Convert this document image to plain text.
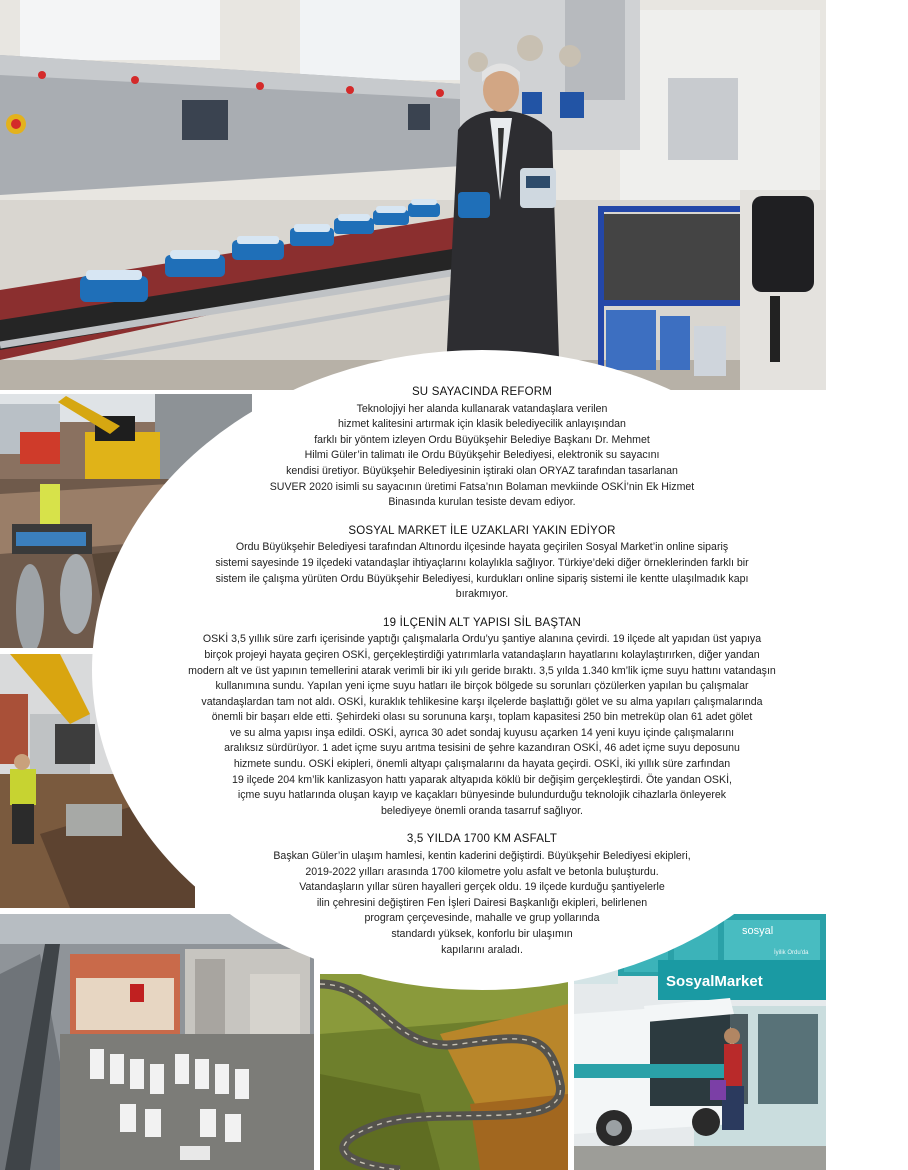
sosyal
SosyalMarket
İyilik Ordu'da
SU SAYACINDA REFORM
Teknolojiyi her alanda kullanarak vatandaşlara verilen
hizmet kalitesini artırmak için klasik belediyecilik anlayışından
farklı bir yöntem izleyen Ordu Büyükşehir Belediye Başkanı Dr. Mehmet
Hilmi Güler’in talimatı ile Ordu Büyükşehir Belediyesi, elektronik su sayacını
kendisi üretiyor. Büyükşehir Belediyesinin iştiraki olan ORYAZ tarafından tasarlanan
SUVER 2020 isimli su sayacının üretimi Fatsa’nın Bolaman mevkiinde OSKİ’nin Ek Hizmet
Binasında kurulan tesiste devam ediyor.
SOSYAL MARKET İLE UZAKLARI YAKIN EDİYOR
Ordu Büyükşehir Belediyesi tarafından Altınordu ilçesinde hayata geçirilen Sosyal Market’in online sipariş
sistemi sayesinde 19 ilçedeki vatandaşlar ihtiyaçlarını kolaylıkla sağlıyor. Türkiye’deki diğer örneklerinden farklı bir
sistem ile çalışma yürüten Ordu Büyükşehir Belediyesi, kurdukları online sipariş sistemi ile kentte ulaşılmadık kapı
bırakmıyor.
19 İLÇENİN ALT YAPISI SİL BAŞTAN
OSKİ 3,5 yıllık süre zarfı içerisinde yaptığı çalışmalarla Ordu’yu şantiye alanına çevirdi. 19 ilçede alt yapıdan üst yapıya
birçok projeyi hayata geçiren OSKİ, gerçekleştirdiği yatırımlarla vatandaşların hayatlarını kolaylaştırırken, diğer yandan
modern alt ve üst yapının temellerini atarak verimli bir iki yılı geride bıraktı. 3,5 yılda 1.340 km’lik içme suyu hattını vatandaşın
kullanımına sundu. Yapılan yeni içme suyu hatları ile birçok bölgede su sorunları çözülerken yapılan bu çalışmalar
vatandaşlardan tam not aldı. OSKİ, kuraklık tehlikesine karşı ilçelerde başlattığı gölet ve su alma yapıları çalışmalarında
önemli bir başarı elde etti. Şehirdeki olası su sorununa karşı, toplam kapasitesi 250 bin metreküp olan 61 adet gölet
ve su alma yapısı inşa edildi. OSKİ, ayrıca 30 adet sondaj kuyusu açarken 14 yeni kuyu içinde çalışmalarını
aralıksız sürdürüyor. 1 adet içme suyu arıtma tesisini de şehre kazandıran OSKİ, 46 adet içme suyu deposunu
hizmete sundu. OSKİ ekipleri, önemli altyapı çalışmalarını da hayata geçirdi. OSKİ, iki yıllık süre zarfından
19 ilçede 204 km’lik kanlizasyon hattı yaparak altyapıda köklü bir değişim gerçekleştirdi. Öte yandan OSKİ,
içme suyu hatlarında oluşan kayıp ve kaçakları bünyesinde bulundurduğu teknolojik cihazlarla önleyerek
belediyeye önemli oranda tasarruf sağlıyor.
3,5 YILDA 1700 KM ASFALT
Başkan Güler’in ulaşım hamlesi, kentin kaderini değiştirdi. Büyükşehir Belediyesi ekipleri,
2019-2022 yılları arasında 1700 kilometre yolu asfalt ve betonla buluşturdu.
Vatandaşların yıllar süren hayalleri gerçek oldu. 19 ilçede kurduğu şantiyelerle
ilin çehresini değiştiren Fen İşleri Dairesi Başkanlığı ekipleri, belirlenen
program çerçevesinde, mahalle ve grup yollarında
standardı yüksek, konforlu bir ulaşımın
kapılarını araladı.
